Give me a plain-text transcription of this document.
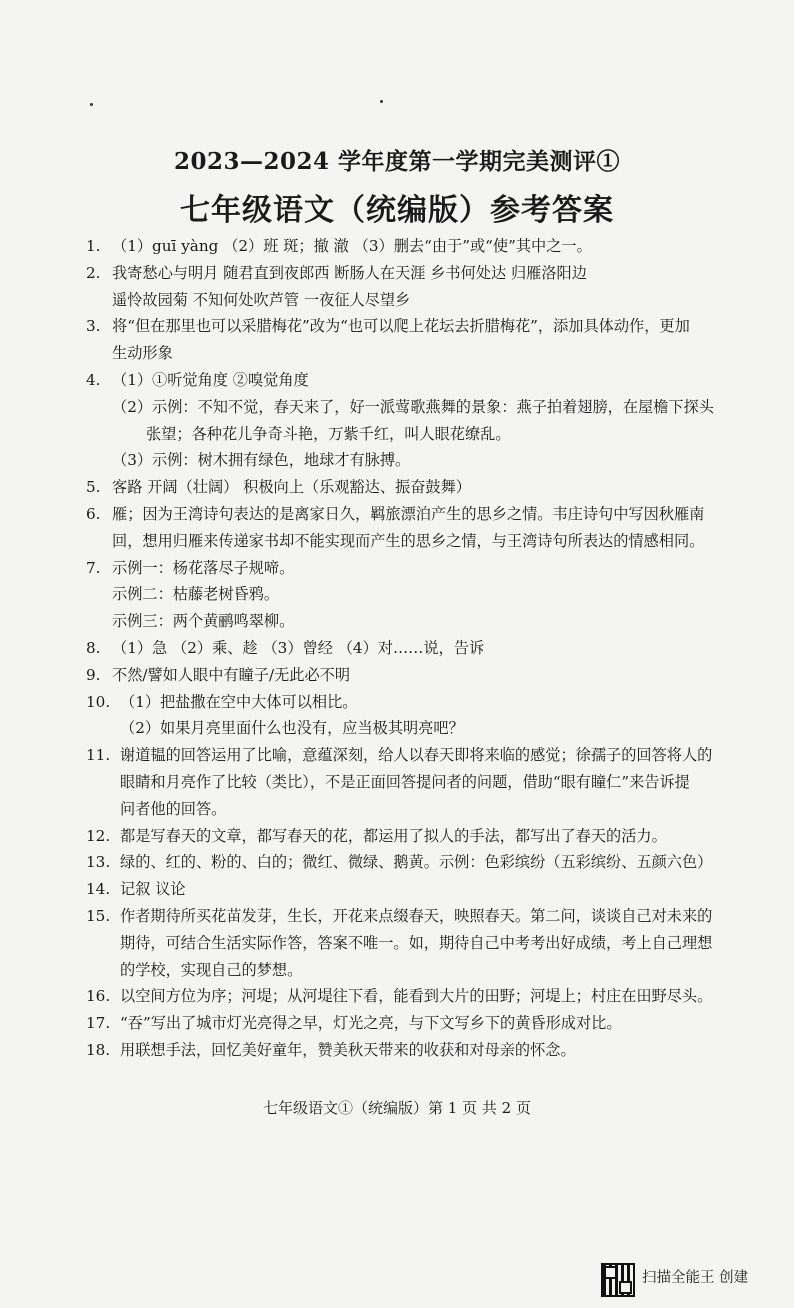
2023—2024 学年度第一学期完美测评①
七年级语文（统编版）参考答案
1. （1）guī yàng （2）班 斑；撤 澈 （3）删去“由于”或“使”其中之一。
2. 我寄愁心与明月 随君直到夜郎西 断肠人在天涯 乡书何处达 归雁洛阳边
遥怜故园菊 不知何处吹芦管 一夜征人尽望乡
3. 将“但在那里也可以采腊梅花”改为“也可以爬上花坛去折腊梅花”，添加具体动作，更加
生动形象
4. （1）①听觉角度 ②嗅觉角度
（2）示例：不知不觉，春天来了，好一派莺歌燕舞的景象：燕子拍着翅膀，在屋檐下探头
张望；各种花儿争奇斗艳，万紫千红，叫人眼花缭乱。
（3）示例：树木拥有绿色，地球才有脉搏。
5. 客路 开阔（壮阔） 积极向上（乐观豁达、振奋鼓舞）
6. 雁；因为王湾诗句表达的是离家日久，羁旅漂泊产生的思乡之情。韦庄诗句中写因秋雁南
回，想用归雁来传递家书却不能实现而产生的思乡之情，与王湾诗句所表达的情感相同。
7. 示例一：杨花落尽子规啼。
示例二：枯藤老树昏鸦。
示例三：两个黄鹂鸣翠柳。
8. （1）急 （2）乘、趁 （3）曾经 （4）对……说，告诉
9. 不然/譬如人眼中有瞳子/无此必不明
10. （1）把盐撒在空中大体可以相比。
（2）如果月亮里面什么也没有，应当极其明亮吧？
11. 谢道韫的回答运用了比喻，意蕴深刻，给人以春天即将来临的感觉；徐孺子的回答将人的
眼睛和月亮作了比较（类比），不是正面回答提问者的问题，借助“眼有瞳仁”来告诉提
问者他的回答。
12. 都是写春天的文章，都写春天的花，都运用了拟人的手法，都写出了春天的活力。
13. 绿的、红的、粉的、白的；微红、微绿、鹅黄。示例：色彩缤纷（五彩缤纷、五颜六色）
14. 记叙 议论
15. 作者期待所买花苗发芽，生长，开花来点缀春天，映照春天。第二问，谈谈自己对未来的
期待，可结合生活实际作答，答案不唯一。如，期待自己中考考出好成绩，考上自己理想
的学校，实现自己的梦想。
16. 以空间方位为序；河堤；从河堤往下看，能看到大片的田野；河堤上；村庄在田野尽头。
17. “吞”写出了城市灯光亮得之早，灯光之亮，与下文写乡下的黄昏形成对比。
18. 用联想手法，回忆美好童年，赞美秋天带来的收获和对母亲的怀念。
七年级语文①（统编版）第 1 页 共 2 页
扫描全能王 创建
